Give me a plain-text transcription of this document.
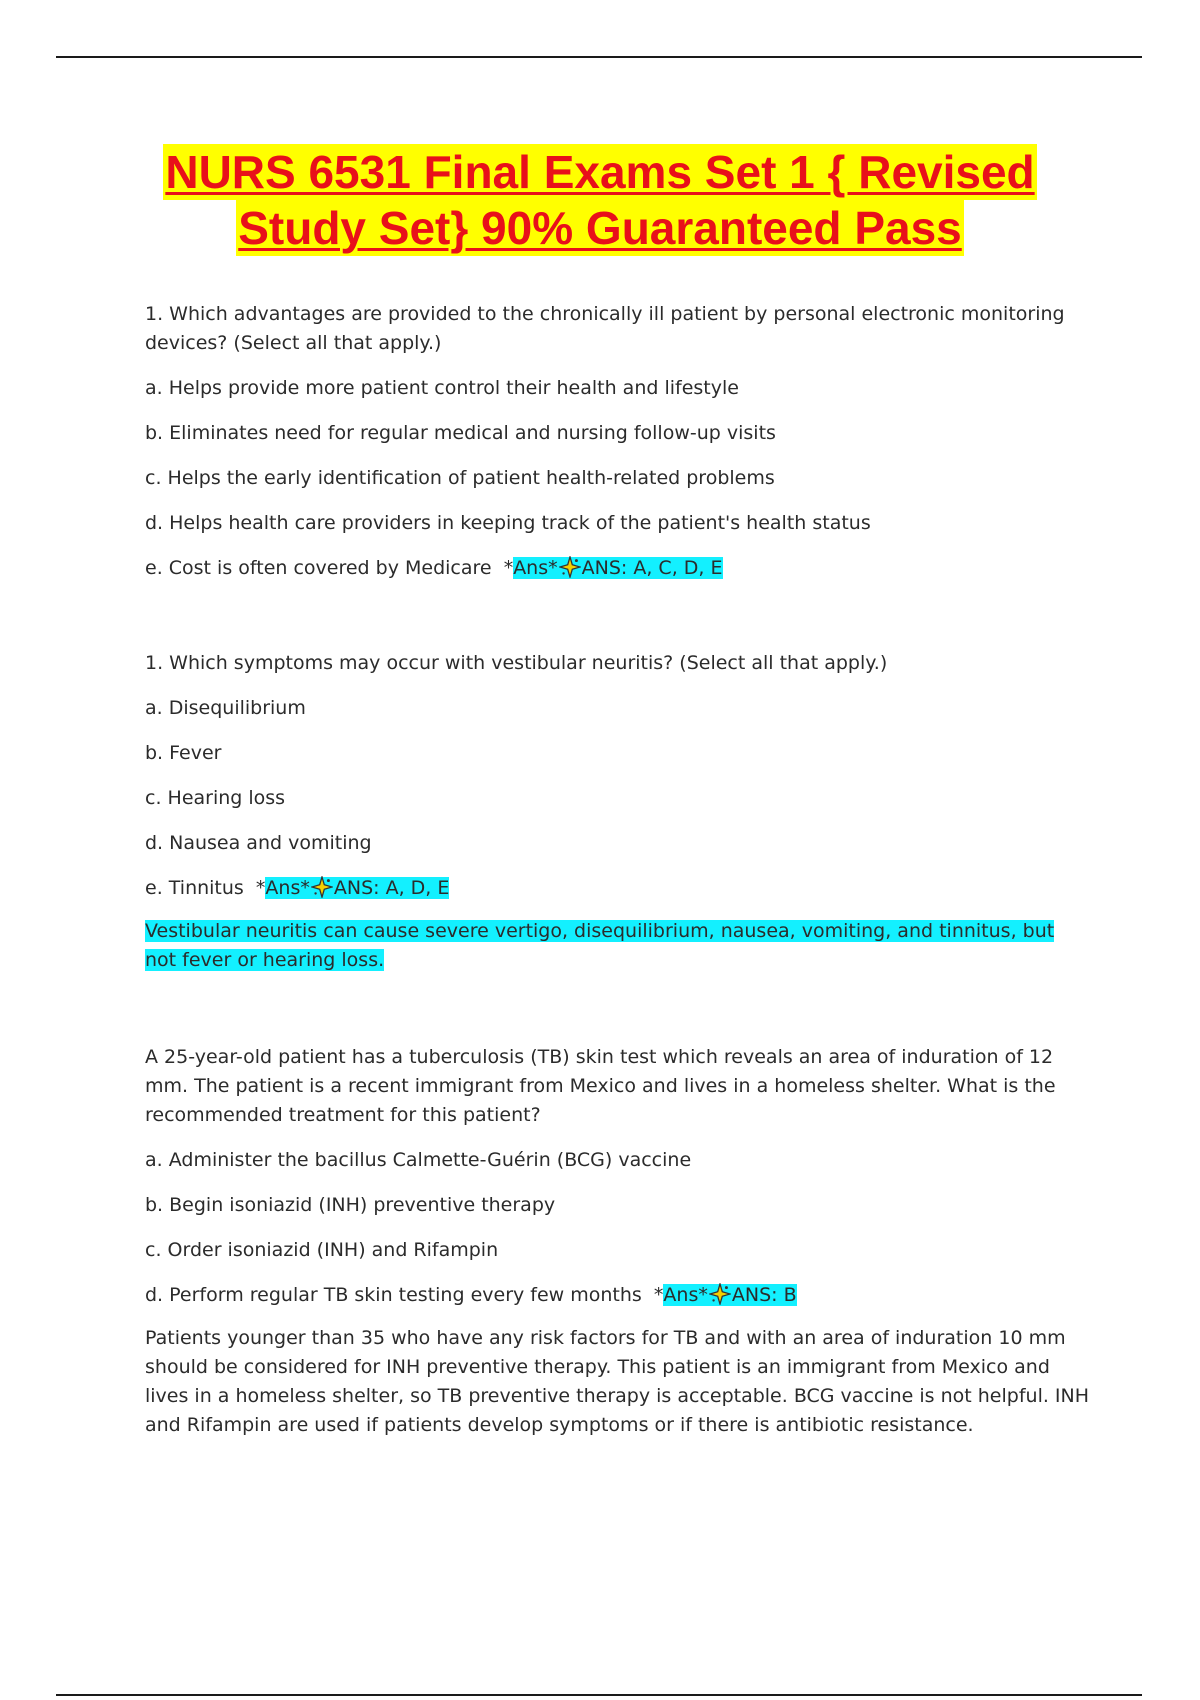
NURS 6531 Final Exams Set 1 { Revised
Study Set} 90% Guaranteed Pass

1. Which advantages are provided to the chronically ill patient by personal electronic monitoring devices? (Select all that apply.)

a. Helps provide more patient control their health and lifestyle

b. Eliminates need for regular medical and nursing follow-up visits

c. Helps the early identification of patient health-related problems

d. Helps health care providers in keeping track of the patient's health status

e. Cost is often covered by Medicare *Ans* ANS: A, C, D, E

1. Which symptoms may occur with vestibular neuritis? (Select all that apply.)

a. Disequilibrium

b. Fever

c. Hearing loss

d. Nausea and vomiting

e. Tinnitus *Ans* ANS: A, D, E

Vestibular neuritis can cause severe vertigo, disequilibrium, nausea, vomiting, and tinnitus, but not fever or hearing loss.

A 25-year-old patient has a tuberculosis (TB) skin test which reveals an area of induration of 12 mm. The patient is a recent immigrant from Mexico and lives in a homeless shelter. What is the recommended treatment for this patient?

a. Administer the bacillus Calmette-Guérin (BCG) vaccine

b. Begin isoniazid (INH) preventive therapy

c. Order isoniazid (INH) and Rifampin

d. Perform regular TB skin testing every few months *Ans* ANS: B

Patients younger than 35 who have any risk factors for TB and with an area of induration 10 mm should be considered for INH preventive therapy. This patient is an immigrant from Mexico and lives in a homeless shelter, so TB preventive therapy is acceptable. BCG vaccine is not helpful. INH and Rifampin are used if patients develop symptoms or if there is antibiotic resistance.
